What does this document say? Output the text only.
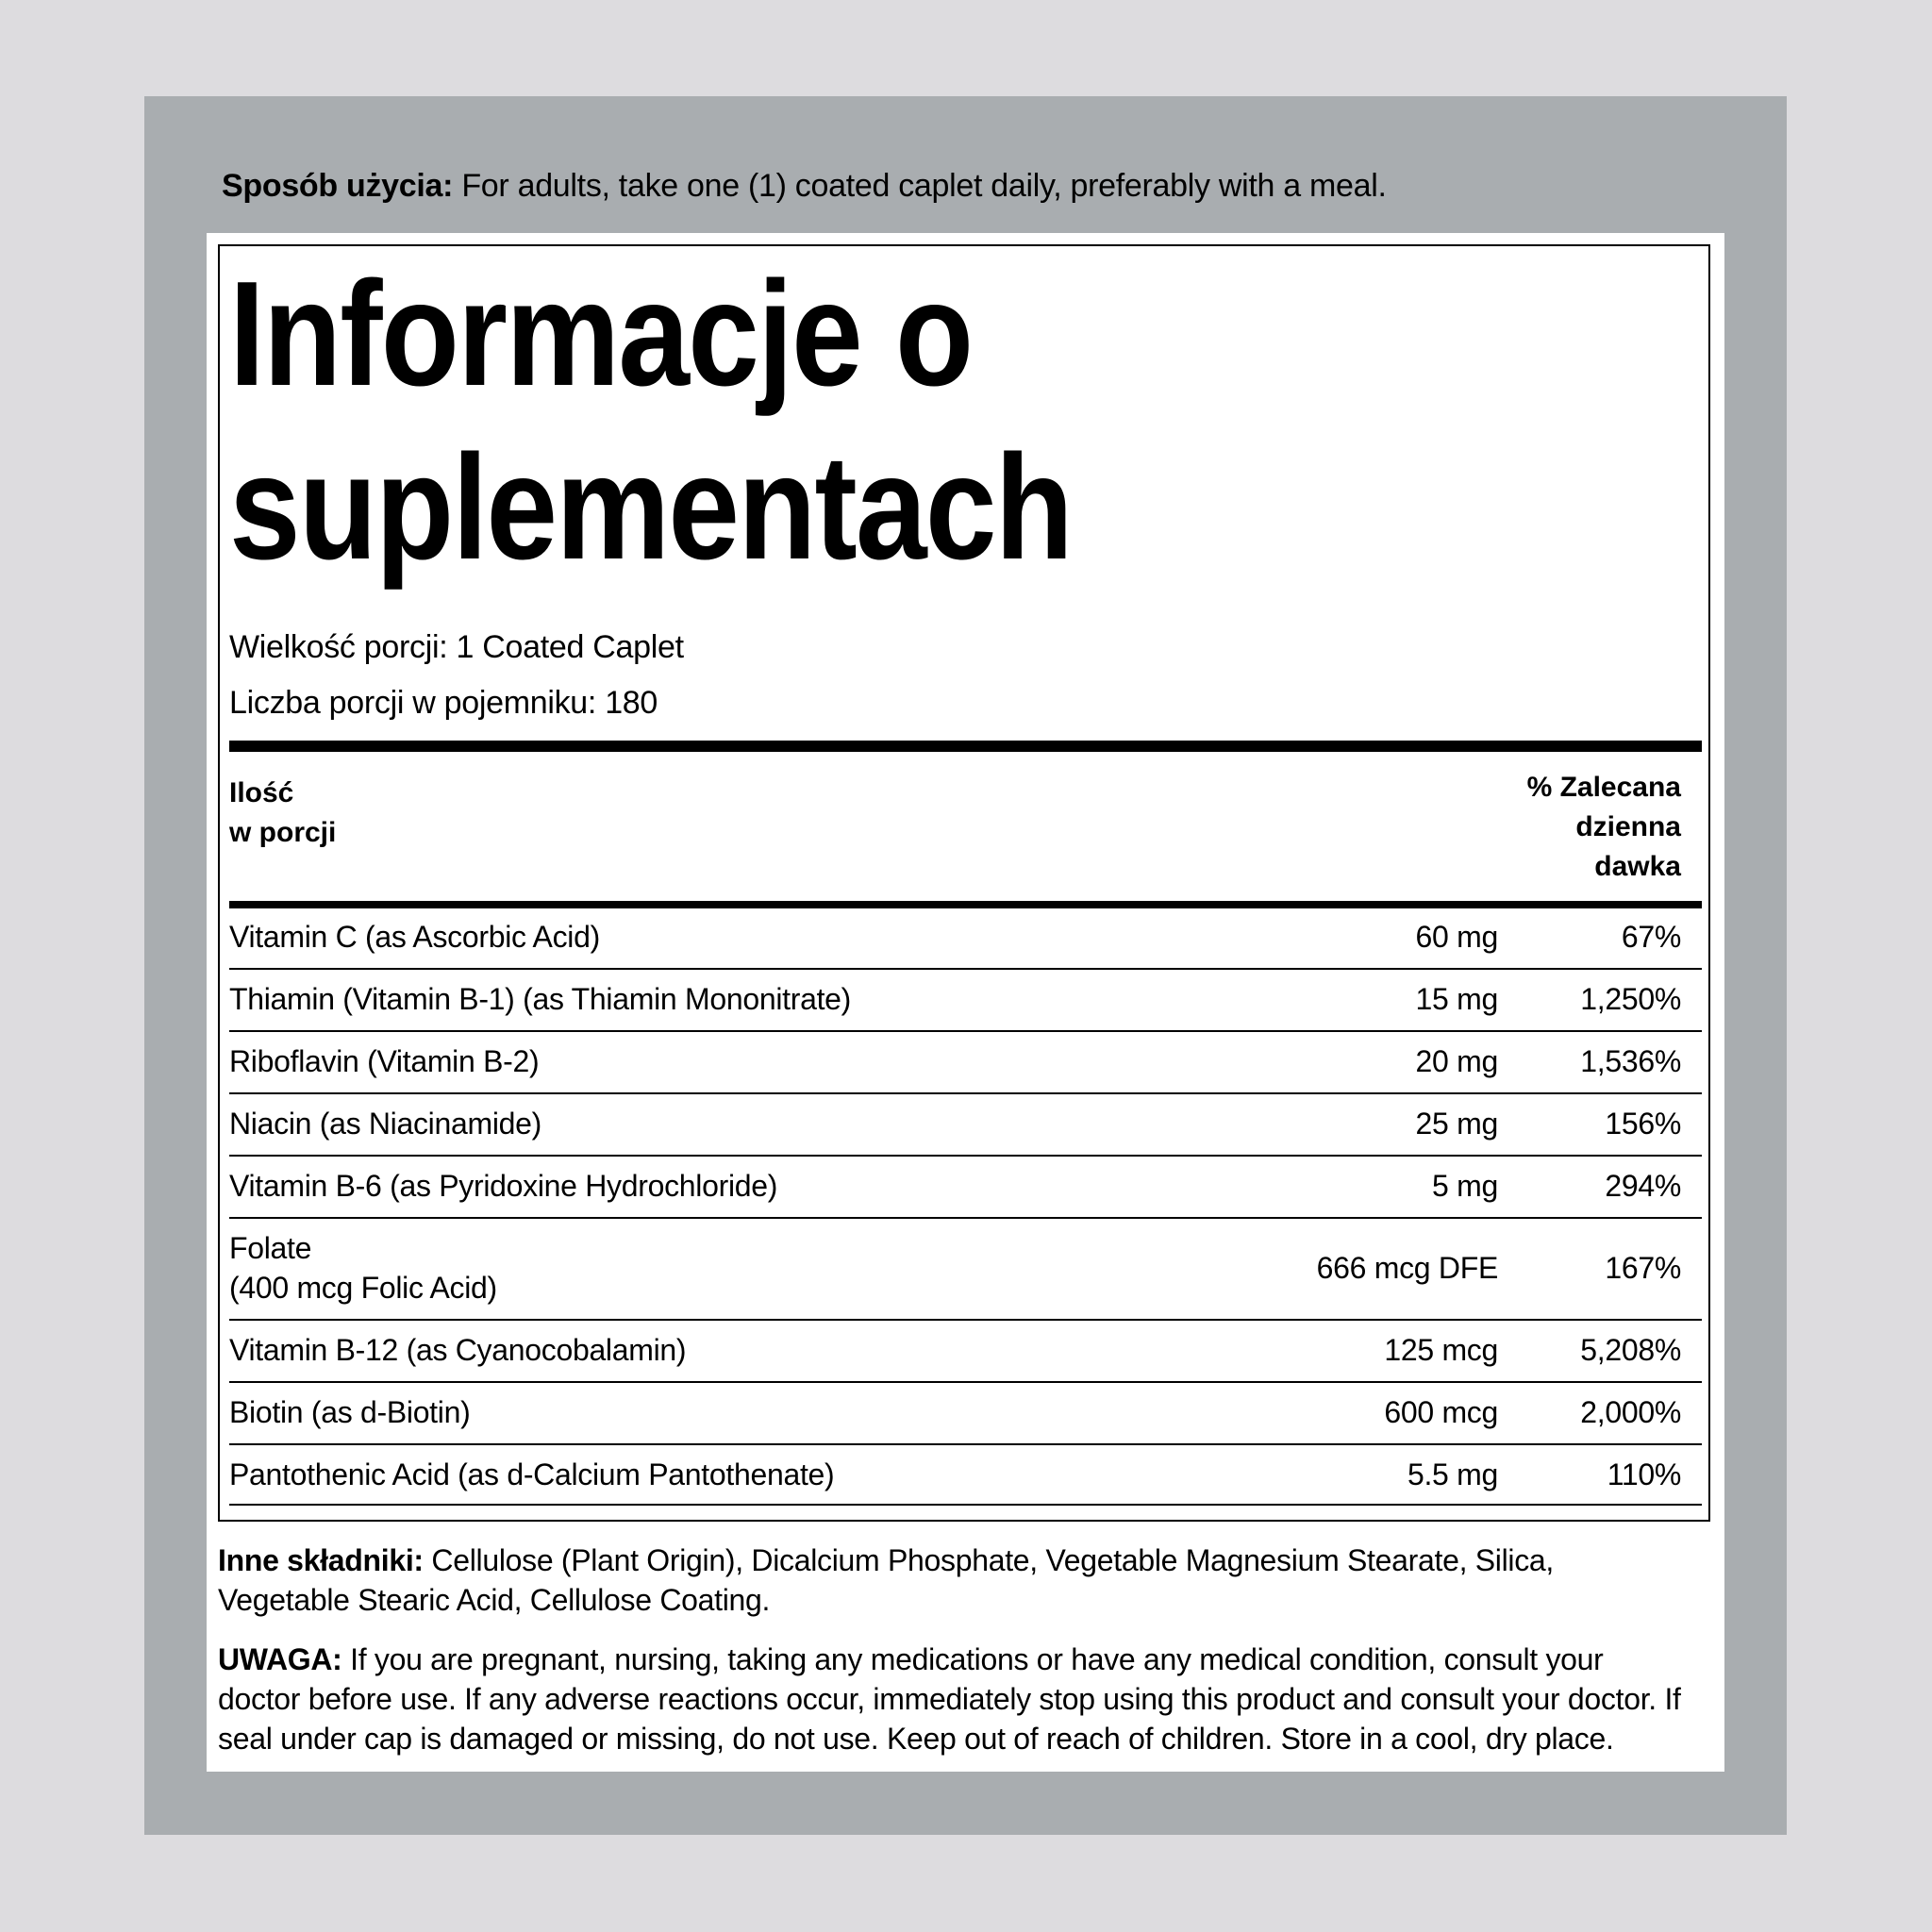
Sposób użycia: For adults, take one (1) coated caplet daily, preferably with a meal.
Informacje o
suplementach
Wielkość porcji: 1 Coated Caplet
Liczba porcji w pojemniku: 180
Ilość
w porcji
% Zalecana
dzienna
dawka
Vitamin C (as Ascorbic Acid)	60 mg	67%
Thiamin (Vitamin B-1) (as Thiamin Mononitrate)	15 mg	1,250%
Riboflavin (Vitamin B-2)	20 mg	1,536%
Niacin (as Niacinamide)	25 mg	156%
Vitamin B-6 (as Pyridoxine Hydrochloride)	5 mg	294%
Folate
(400 mcg Folic Acid)
666 mcg DFE	167%
Vitamin B-12 (as Cyanocobalamin)	125 mcg	5,208%
Biotin (as d-Biotin)	600 mcg	2,000%
Pantothenic Acid (as d-Calcium Pantothenate)	5.5 mg	110%
Inne składniki: Cellulose (Plant Origin), Dicalcium Phosphate, Vegetable Magnesium Stearate, Silica, Vegetable Stearic Acid, Cellulose Coating.
UWAGA: If you are pregnant, nursing, taking any medications or have any medical condition, consult your doctor before use. If any adverse reactions occur, immediately stop using this product and consult your doctor. If seal under cap is damaged or missing, do not use. Keep out of reach of children. Store in a cool, dry place.
